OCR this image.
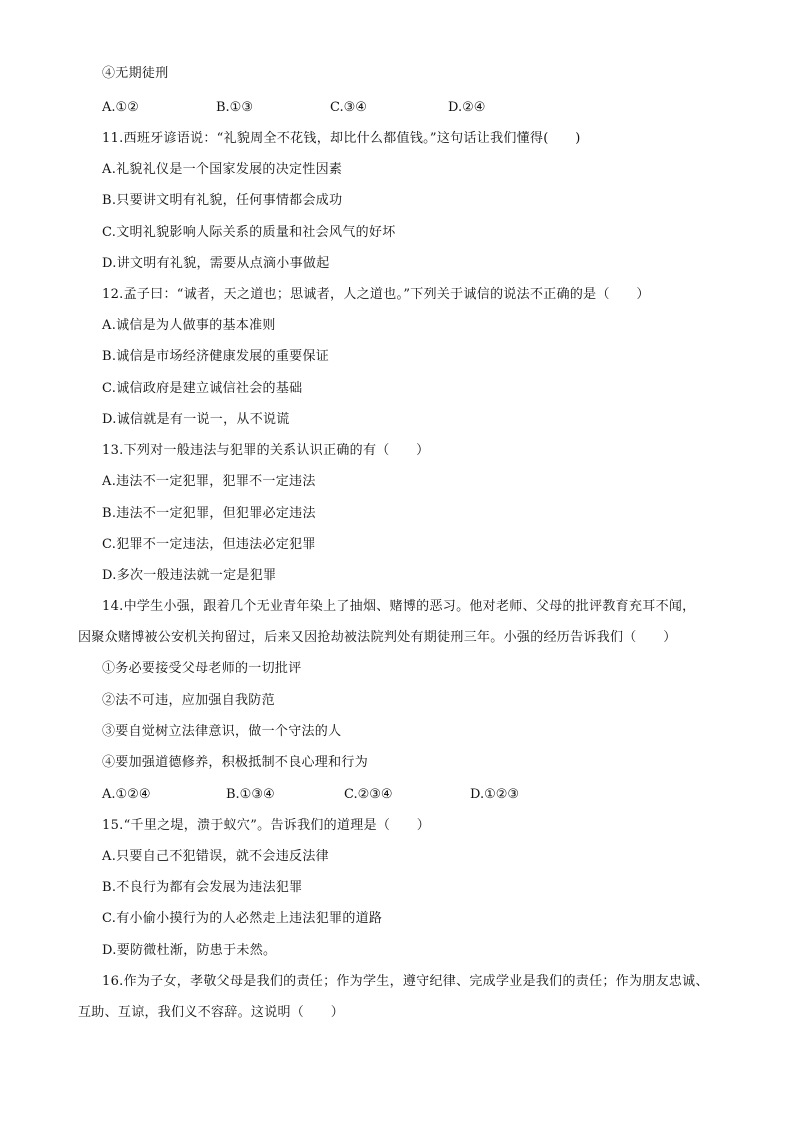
④无期徒刑
A.①②	B.①③	C.③④	D.②④
11.西班牙谚语说：“礼貌周全不花钱，却比什么都值钱。”这句话让我们懂得(　　)
A.礼貌礼仪是一个国家发展的决定性因素
B.只要讲文明有礼貌，任何事情都会成功
C.文明礼貌影响人际关系的质量和社会风气的好坏
D.讲文明有礼貌，需要从点滴小事做起
12.孟子曰：“诚者，天之道也；思诚者，人之道也。”下列关于诚信的说法不正确的是（　　）
A.诚信是为人做事的基本准则
B.诚信是市场经济健康发展的重要保证
C.诚信政府是建立诚信社会的基础
D.诚信就是有一说一，从不说谎
13.下列对一般违法与犯罪的关系认识正确的有（　　）
A.违法不一定犯罪，犯罪不一定违法
B.违法不一定犯罪，但犯罪必定违法
C.犯罪不一定违法，但违法必定犯罪
D.多次一般违法就一定是犯罪
14.中学生小强，跟着几个无业青年染上了抽烟、赌博的恶习。他对老师、父母的批评教育充耳不闻，
因聚众赌博被公安机关拘留过，后来又因抢劫被法院判处有期徒刑三年。小强的经历告诉我们（　　）
①务必要接受父母老师的一切批评
②法不可违，应加强自我防范
③要自觉树立法律意识，做一个守法的人
④要加强道德修养，积极抵制不良心理和行为
A.①②④	B.①③④	C.②③④	D.①②③
15.“千里之堤，溃于蚁穴”。告诉我们的道理是（　　）
A.只要自己不犯错误，就不会违反法律
B.不良行为都有会发展为违法犯罪
C.有小偷小摸行为的人必然走上违法犯罪的道路
D.要防微杜渐，防患于未然。
16.作为子女，孝敬父母是我们的责任；作为学生，遵守纪律、完成学业是我们的责任；作为朋友忠诚、
互助、互谅，我们义不容辞。这说明（　　）
